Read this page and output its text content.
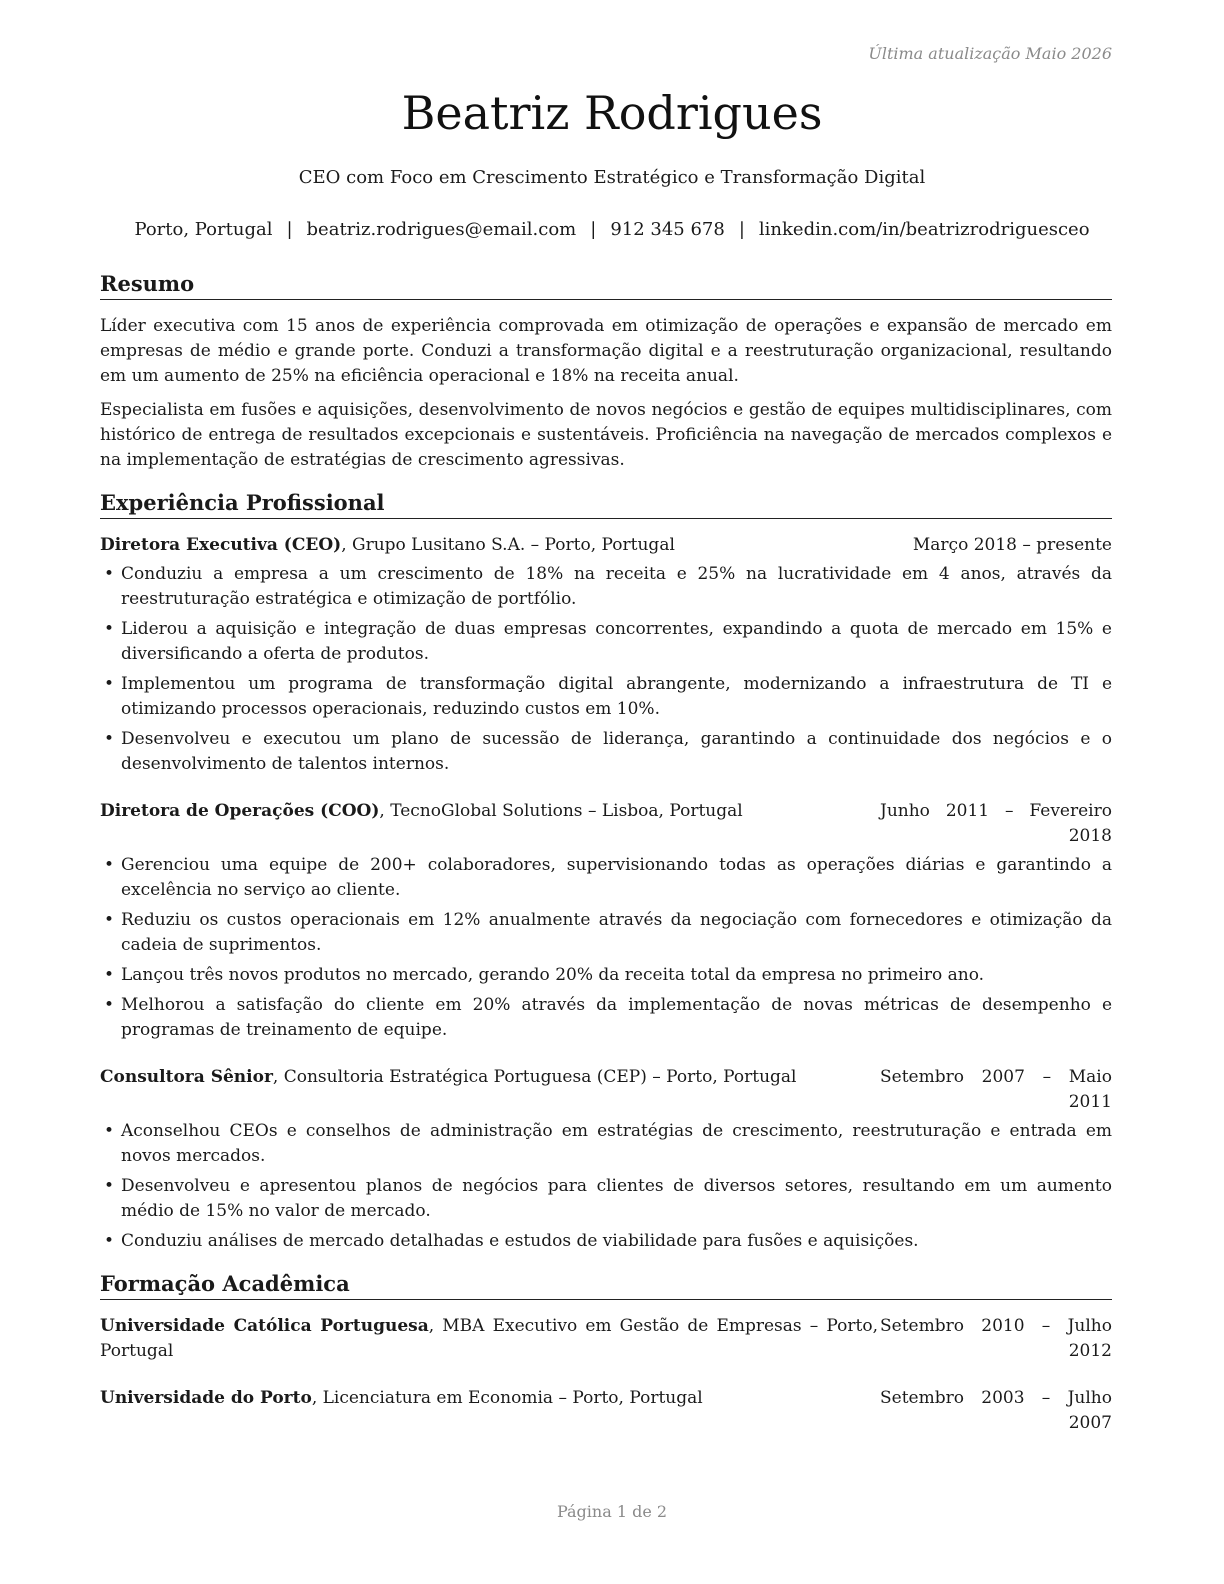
Última atualização Maio 2026
Beatriz Rodrigues
CEO com Foco em Crescimento Estratégico e Transformação Digital
Porto, Portugal | beatriz.rodrigues@email.com | 912 345 678 | linkedin.com/in/beatrizrodriguesceo
Resumo

Líder executiva com 15 anos de experiência comprovada em otimização de operações e expansão de mercado em empresas de médio e grande porte. Conduzi a transformação digital e a reestruturação organizacional, resultando em um aumento de 25% na eficiência operacional e 18% na receita anual.

Especialista em fusões e aquisições, desenvolvimento de novos negócios e gestão de equipes multidisciplinares, com histórico de entrega de resultados excepcionais e sustentáveis. Proficiência na navegação de mercados complexos e na implementação de estratégias de crescimento agressivas.

Experiência Profissional
Diretora Executiva (CEO), Grupo Lusitano S.A. – Porto, Portugal	Março 2018 – presente
• Conduziu a empresa a um crescimento de 18% na receita e 25% na lucratividade em 4 anos, através da reestruturação estratégica e otimização de portfólio.
• Liderou a aquisição e integração de duas empresas concorrentes, expandindo a quota de mercado em 15% e diversificando a oferta de produtos.
• Implementou um programa de transformação digital abrangente, modernizando a infraestrutura de TI e otimizando processos operacionais, reduzindo custos em 10%.
• Desenvolveu e executou um plano de sucessão de liderança, garantindo a continuidade dos negócios e o desenvolvimento de talentos internos.
Diretora de Operações (COO), TecnoGlobal Solutions – Lisboa, Portugal	Junho 2011 – Fevereiro
2018
• Gerenciou uma equipe de 200+ colaboradores, supervisionando todas as operações diárias e garantindo a excelência no serviço ao cliente.
• Reduziu os custos operacionais em 12% anualmente através da negociação com fornecedores e otimização da cadeia de suprimentos.
• Lançou três novos produtos no mercado, gerando 20% da receita total da empresa no primeiro ano.
• Melhorou a satisfação do cliente em 20% através da implementação de novas métricas de desempenho e programas de treinamento de equipe.
Consultora Sênior, Consultoria Estratégica Portuguesa (CEP) – Porto, Portugal	Setembro 2007 – Maio
2011
• Aconselhou CEOs e conselhos de administração em estratégias de crescimento, reestruturação e entrada em novos mercados.
• Desenvolveu e apresentou planos de negócios para clientes de diversos setores, resultando em um aumento médio de 15% no valor de mercado.
• Conduziu análises de mercado detalhadas e estudos de viabilidade para fusões e aquisições.
Formação Acadêmica
Universidade Católica Portuguesa, MBA Executivo em Gestão de Empresas – Porto, Portugal
Setembro 2010 – Julho
2012
Universidade do Porto, Licenciatura em Economia – Porto, Portugal	Setembro 2003 – Julho
2007
Página 1 de 2
